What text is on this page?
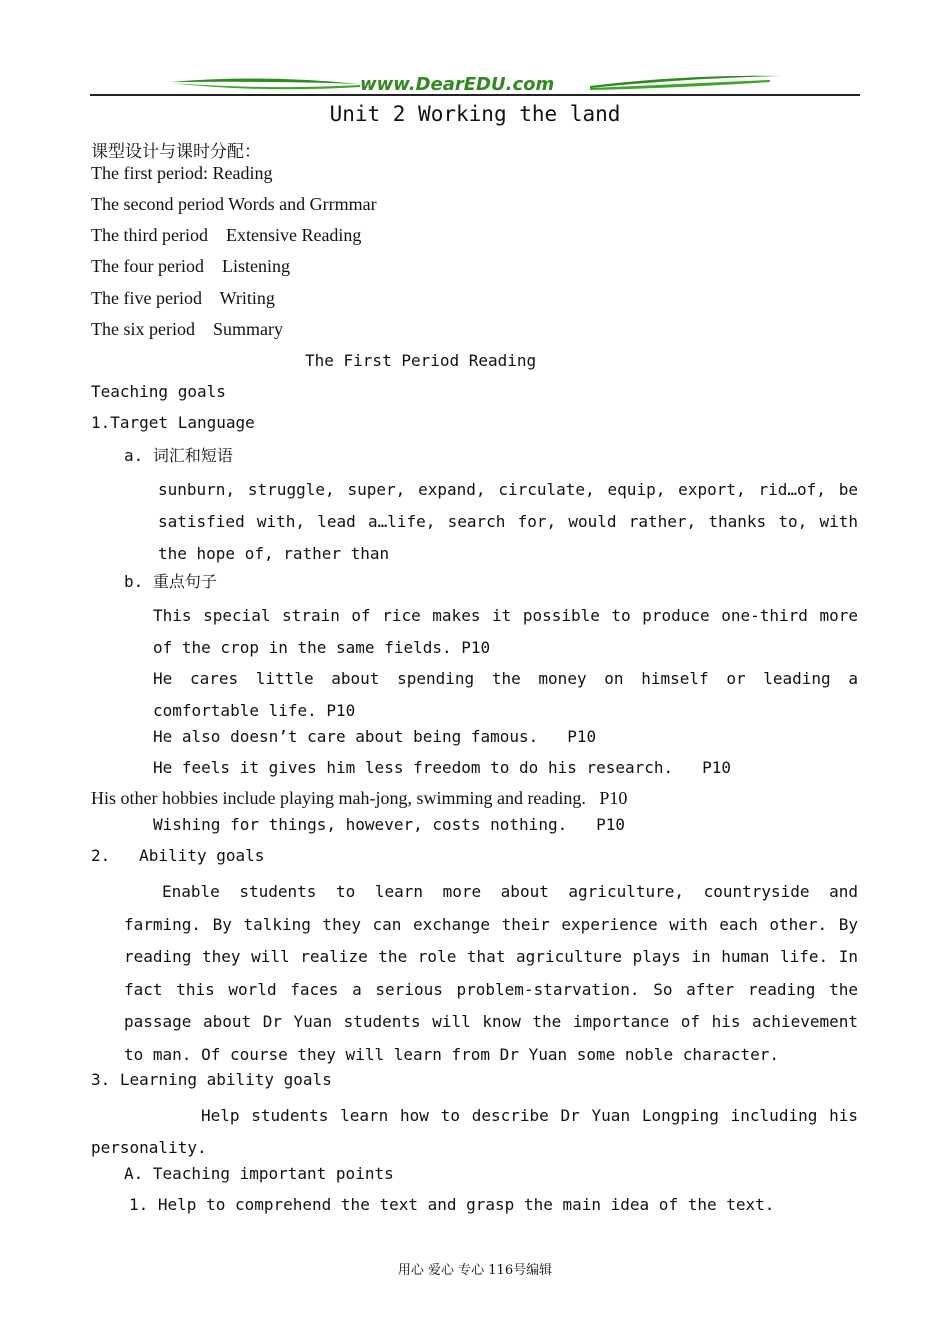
www.DearEDU.com
Unit 2 Working the land
课型设计与课时分配：
The first period: Reading
The second period Words and Grrmmar
The third period    Extensive Reading
The four period    Listening
The five period    Writing
The six period    Summary
The First Period Reading
Teaching goals
1.Target Language
a. 词汇和短语
sunburn, struggle, super, expand, circulate, equip, export, rid…of, be satisfied with, lead a…life, search for, would rather, thanks to, with the hope of, rather than
b. 重点句子
This special strain of rice makes it possible to produce one-third more of the crop in the same fields. P10
He cares little about spending the money on himself or leading a comfortable life. P10
He also doesn’t care about being famous.   P10
He feels it gives him less freedom to do his research.   P10
His other hobbies include playing mah-jong, swimming and reading.   P10
Wishing for things, however, costs nothing.   P10
2.   Ability goals
Enable students to learn more about agriculture, countryside and farming. By talking they can exchange their experience with each other. By reading they will realize the role that agriculture plays in human life. In fact this world faces a serious problem-starvation. So after reading the passage about Dr Yuan students will know the importance of his achievement to man. Of course they will learn from Dr Yuan some noble character.
3. Learning ability goals
Help students learn how to describe Dr Yuan Longping including his personality.
A. Teaching important points
1. Help to comprehend the text and grasp the main idea of the text.
用心 爱心 专心 116号编辑
